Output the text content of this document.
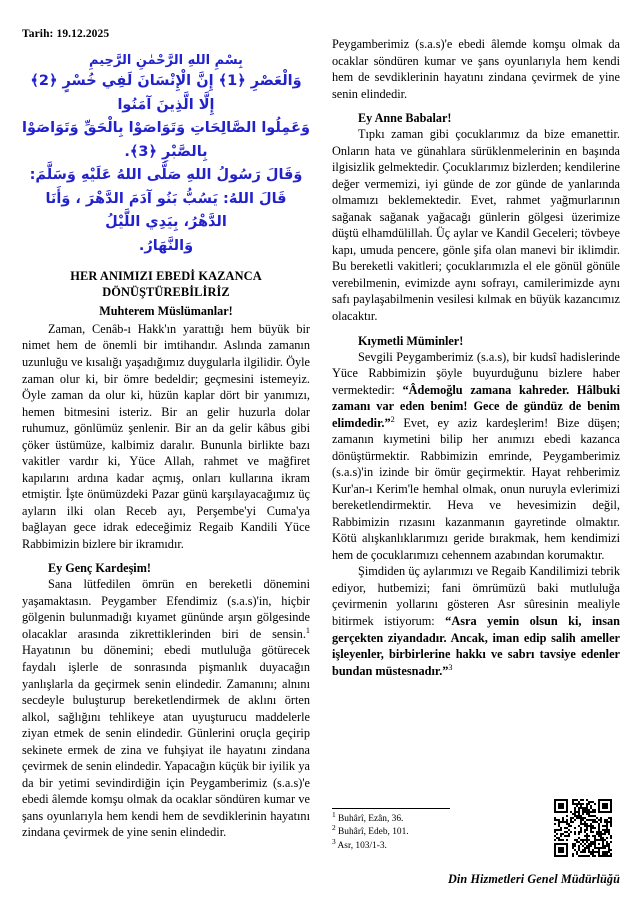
Tarih: 19.12.2025
بِسْمِ اللهِ الرَّحْمٰنِ الرَّحِيمِ
وَالْعَصْرِ ﴿1﴾ إِنَّ الْإِنْسَانَ لَفِي خُسْرٍ ﴿2﴾ إِلَّا الَّذِينَ آمَنُوا
وَعَمِلُوا الصَّالِحَاتِ وَتَوَاصَوْا بِالْحَقِّ وَتَوَاصَوْا بِالصَّبْرِ ﴿3﴾.
وَقَالَ رَسُولُ اللهِ صَلَّى اللهُ عَلَيْهِ وَسَلَّمَ:
قَالَ اللهُ: يَسُبُّ بَنُو آدَمَ الدَّهْرَ ، وَأَنَا الدَّهْرُ، بِيَدِي اللَّيْلُ
وَالنَّهَارُ.
HER ANIMIZI EBEDİ KAZANCA
DÖNÜŞTÜREBİLİRİZ
Muhterem Müslümanlar!

Zaman, Cenâb-ı Hakk'ın yarattığı hem büyük bir nimet hem de önemli bir imtihandır. Aslında zamanın uzunluğu ve kısalığı yaşadığımız duygularla ilgilidir. Öyle zaman olur ki, bir ömre bedeldir; geçmesini istemeyiz. Öyle zaman da olur ki, hüzün kaplar dört bir yanımızı, hemen bitmesini isteriz. Bir an gelir huzurla dolar ruhumuz, gönlümüz şenlenir. Bir an da gelir kâbus gibi çöker üstümüze, kalbimiz daralır. Bununla birlikte bazı vakitler vardır ki, Yüce Allah, rahmet ve mağfiret kapılarını ardına kadar açmış, onları kullarına ikram etmiştir. İşte önümüzdeki Pazar günü karşılayacağımız üç ayların ilki olan Receb ayı, Perşembe'yi Cuma'ya bağlayan gece idrak edeceğimiz Regaib Kandili Yüce Rabbimizin bizlere bir ikramıdır.

Ey Genç Kardeşim!

Sana lütfedilen ömrün en bereketli dönemini yaşamaktasın. Peygamber Efendimiz (s.a.s)'in, hiçbir gölgenin bulunmadığı kıyamet gününde arşın gölgesinde olacaklar arasında zikrettiklerinden biri de sensin.$^1$ Hayatının bu dönemini; ebedi mutluluğa götürecek faydalı işlerle de sonrasında pişmanlık duyacağın yanlışlarla da geçirmek senin elindedir. Zamanını; alnını secdeyle buluşturup bereketlendirmek de aklını örten alkol, sağlığını tehlikeye atan uyuşturucu maddelerle ziyan etmek de senin elindedir. Günlerini oruçla geçirip sekinete ermek de zina ve fuhşiyat ile hayatını zindana çevirmek de senin elindedir. Yapacağın küçük bir iyilik ya da bir yetimi sevindirdiğin için Peygamberimiz (s.a.s)'e ebedi âlemde komşu olmak da ocaklar söndüren kumar ve şans oyunlarıyla hem kendi hem de sevdiklerinin hayatını zindana çevirmek de yine senin elindedir.

Peygamberimiz (s.a.s)'e ebedi âlemde komşu olmak da ocaklar söndüren kumar ve şans oyunlarıyla hem kendi hem de sevdiklerinin hayatını zindana çevirmek de yine senin elindedir.

Ey Anne Babalar!

Tıpkı zaman gibi çocuklarımız da bize emanettir. Onların hata ve günahlara sürüklenmelerinin en başında ilgisizlik gelmektedir. Çocuklarımız bizlerden; kendilerine değer vermemizi, iyi günde de zor günde de yanlarında olmamızı beklemektedir. Evet, rahmet yağmurlarının sağanak sağanak yağacağı günlerin gölgesi üzerimize düştü elhamdülillah. Üç aylar ve Kandil Geceleri; tövbeye kapı, umuda pencere, gönle şifa olan manevi bir iklimdir. Bu bereketli vakitleri; çocuklarımızla el ele gönül gönüle verebilmenin, evimizde aynı sofrayı, camilerimizde aynı safı paylaşabilmenin vesilesi kılmak en büyük kazancımız olacaktır.

Kıymetli Müminler!

Sevgili Peygamberimiz (s.a.s), bir kudsî hadislerinde Yüce Rabbimizin şöyle buyurduğunu bizlere haber vermektedir: “Âdemoğlu zamana kahreder. Hâlbuki zamanı var eden benim! Gece de gündüz de benim elimdedir.”$^2$ Evet, ey aziz kardeşlerim! Bize düşen; zamanın kıymetini bilip her anımızı ebedi kazanca dönüştürmektir. Rabbimizin emrinde, Peygamberimiz (s.a.s)'in izinde bir ömür geçirmektir. Hayat rehberimiz Kur'an-ı Kerim'le hemhal olmak, onun nuruyla evlerimizi bereketlendirmektir. Heva ve hevesimizin değil, Rabbimizin rızasını kazanmanın gayretinde olmaktır. Kötü alışkanlıklarımızı geride bırakmak, hem kendimizi hem de çocuklarımızı cehennem azabından korumaktır.

Şimdiden üç aylarımızı ve Regaib Kandilimizi tebrik ediyor, hutbemizi; fani ömrümüzü baki mutluluğa çevirmenin yollarını gösteren Asr sûresinin mealiyle bitirmek istiyorum: “Asra yemin olsun ki, insan gerçekten ziyandadır. Ancak, iman edip salih ameller işleyenler, birbirlerine hakkı ve sabrı tavsiye edenler bundan müstesnadır.”$^3$

$^1$ Buhârî, Ezân, 36.

$^2$ Buhârî, Edeb, 101.

$^3$ Asr, 103/1-3.

Din Hizmetleri Genel Müdürlüğü
